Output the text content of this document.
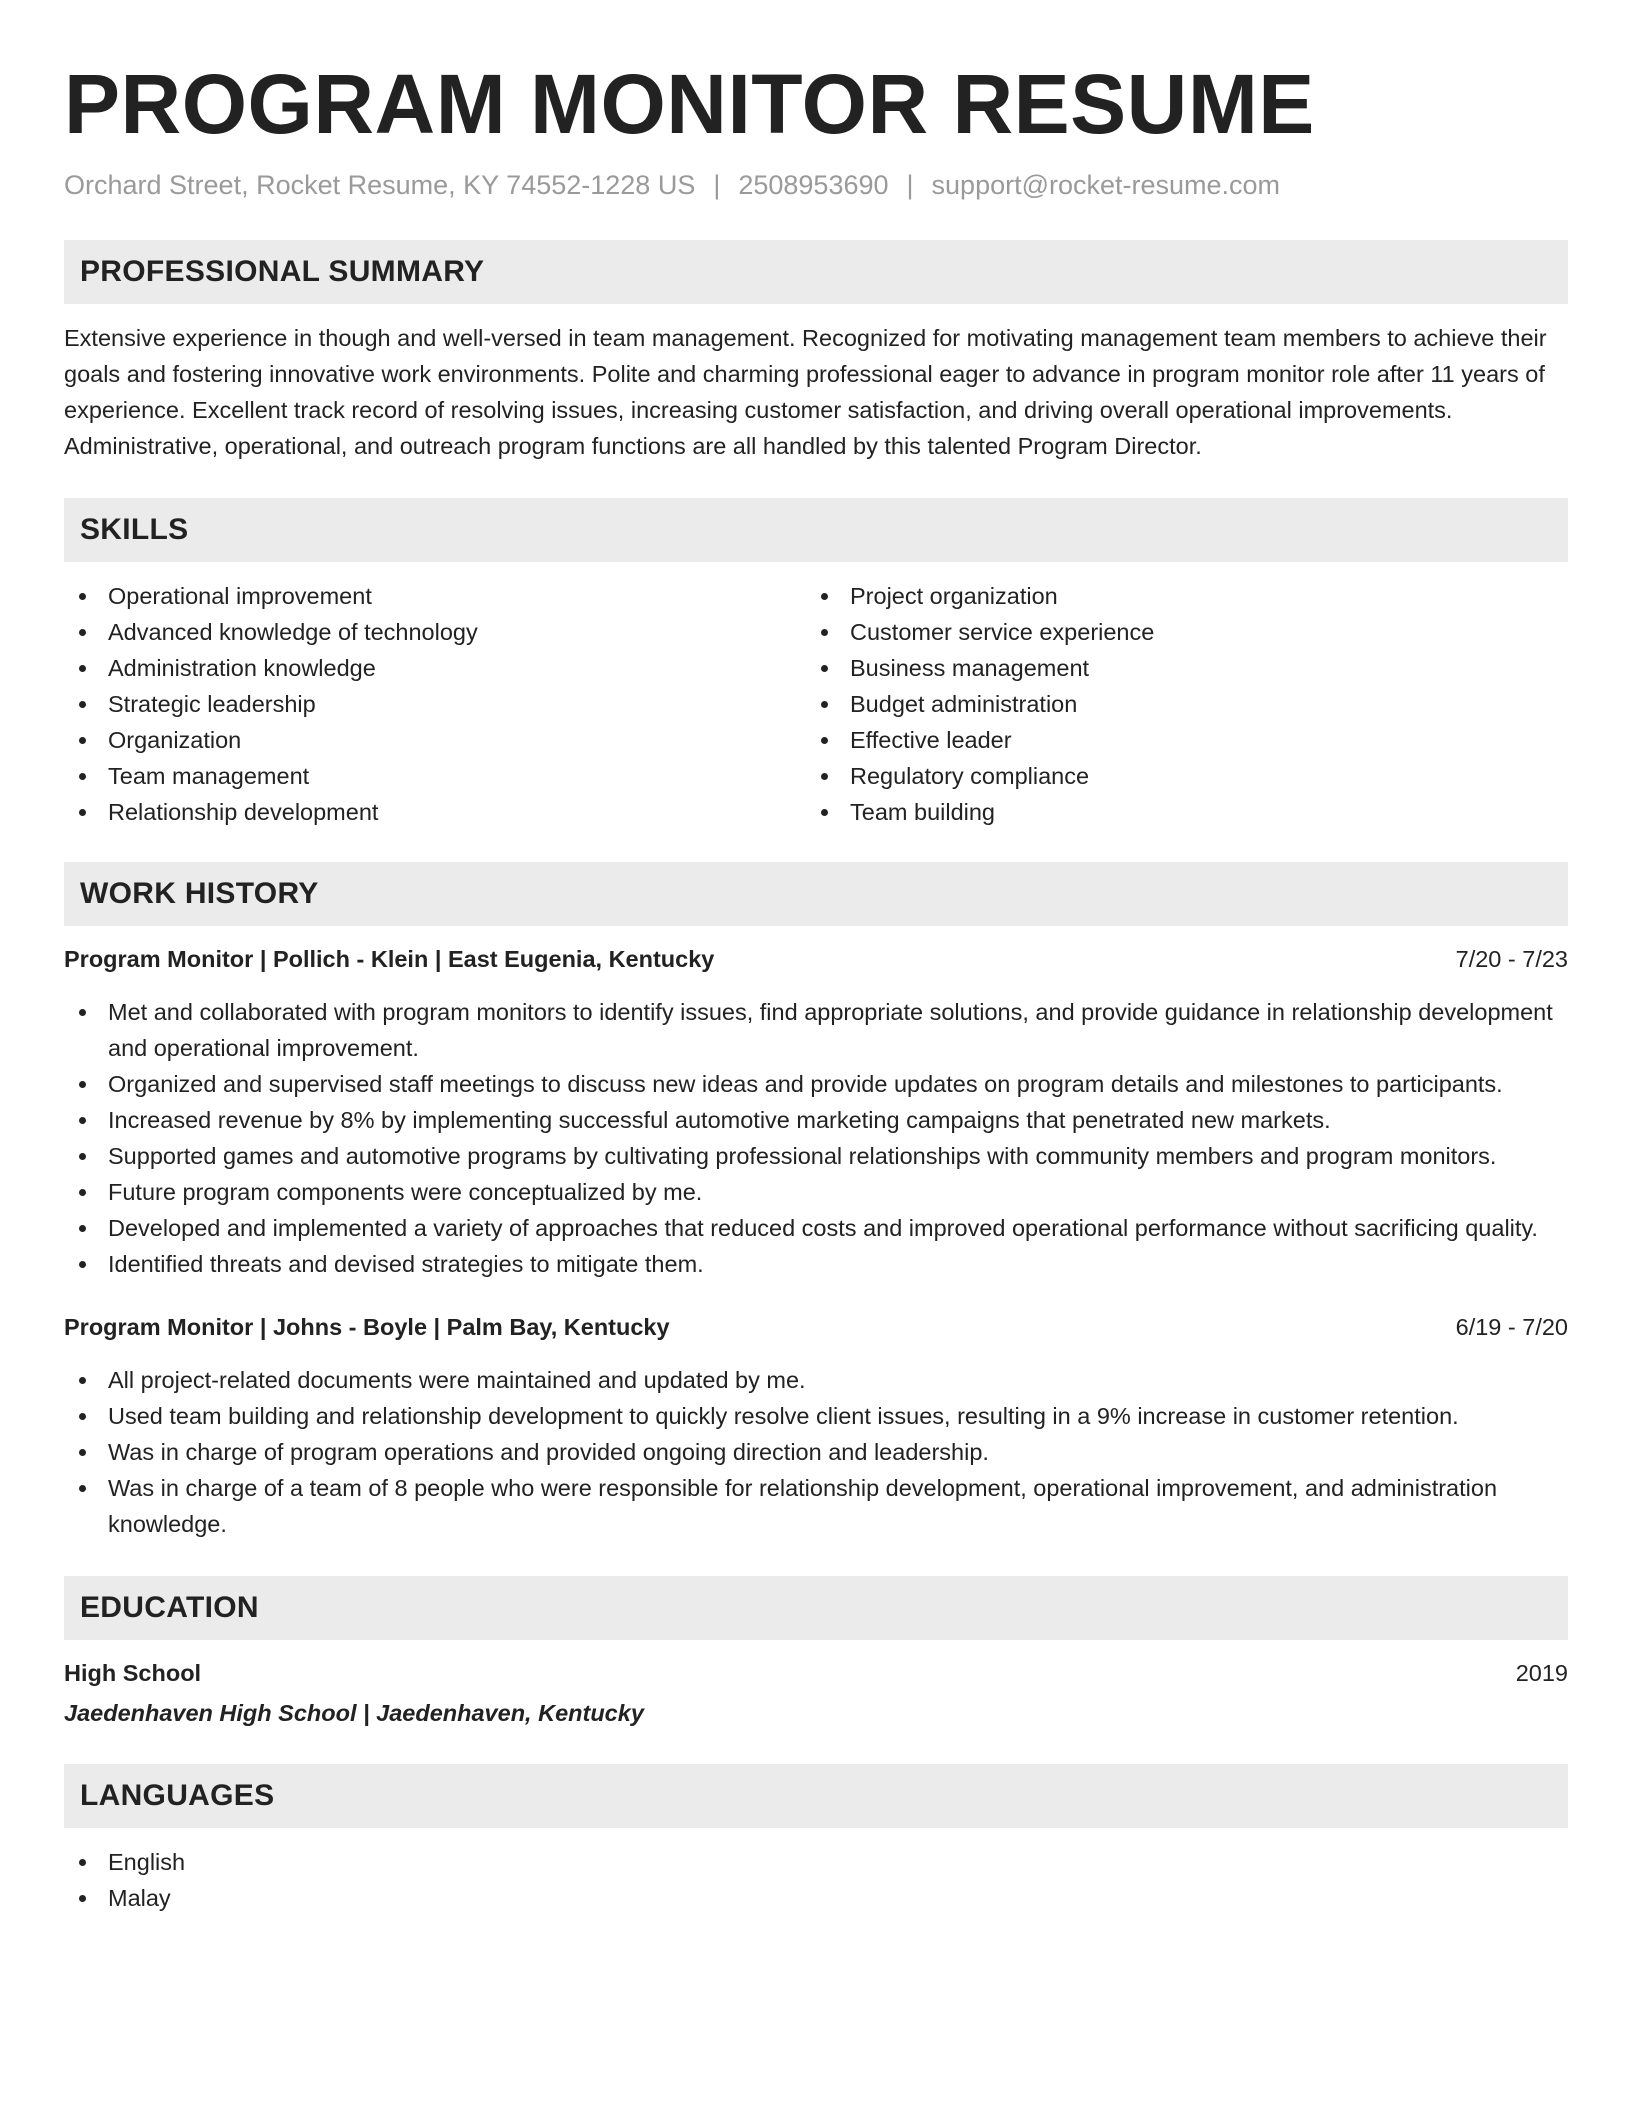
PROGRAM MONITOR RESUME
Orchard Street, Rocket Resume, KY 74552-1228 US | 2508953690 | support@rocket-resume.com
PROFESSIONAL SUMMARY

Extensive experience in though and well-versed in team management. Recognized for motivating management team members to achieve their goals and fostering innovative work environments. Polite and charming professional eager to advance in program monitor role after 11 years of experience. Excellent track record of resolving issues, increasing customer satisfaction, and driving overall operational improvements. Administrative, operational, and outreach program functions are all handled by this talented Program Director.

SKILLS
Operational improvement
Advanced knowledge of technology
Administration knowledge
Strategic leadership
Organization
Team management
Relationship development
Project organization
Customer service experience
Business management
Budget administration
Effective leader
Regulatory compliance
Team building
WORK HISTORY
Program Monitor | Pollich - Klein | East Eugenia, Kentucky	7/20 - 7/23
Met and collaborated with program monitors to identify issues, find appropriate solutions, and provide guidance in relationship development and operational improvement.
Organized and supervised staff meetings to discuss new ideas and provide updates on program details and milestones to participants.
Increased revenue by 8% by implementing successful automotive marketing campaigns that penetrated new markets.
Supported games and automotive programs by cultivating professional relationships with community members and program monitors.
Future program components were conceptualized by me.
Developed and implemented a variety of approaches that reduced costs and improved operational performance without sacrificing quality.
Identified threats and devised strategies to mitigate them.
Program Monitor | Johns - Boyle | Palm Bay, Kentucky	6/19 - 7/20
All project-related documents were maintained and updated by me.
Used team building and relationship development to quickly resolve client issues, resulting in a 9% increase in customer retention.
Was in charge of program operations and provided ongoing direction and leadership.
Was in charge of a team of 8 people who were responsible for relationship development, operational improvement, and administration knowledge.
EDUCATION
High School	2019
Jaedenhaven High School | Jaedenhaven, Kentucky
LANGUAGES
English
Malay
